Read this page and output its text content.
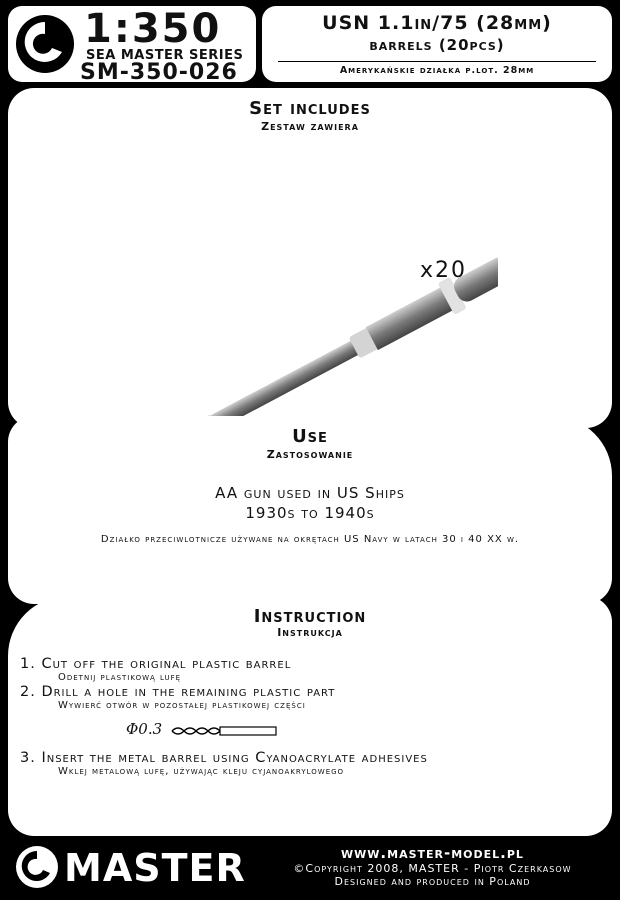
1:350
SEA MASTER SERIES
SM-350-026
USN 1.1in/75 (28mm)
barrels (20pcs)
Amerykańskie działka p.lot. 28mm
Set includes
Zestaw zawiera
x20
Use
Zastosowanie
AA gun used in US Ships
1930s to 1940s
Działko przeciwlotnicze używane na okrętach US Navy w latach 30 i 40 XX w.
Instruction
Instrukcja
1. Cut off the original plastic barrel
Odetnij plastikową lufę
2. Drill a hole in the remaining plastic part
Wywierć otwór w pozostałej plastikowej części
Φ0.3
3. Insert the metal barrel using Cyanoacrylate adhesives
Wklej metalową lufę, używając kleju cyjanoakrylowego
MASTER	www.master-model.pl
©Copyright 2008, MASTER - Piotr Czerkasow
Designed and produced in Poland
